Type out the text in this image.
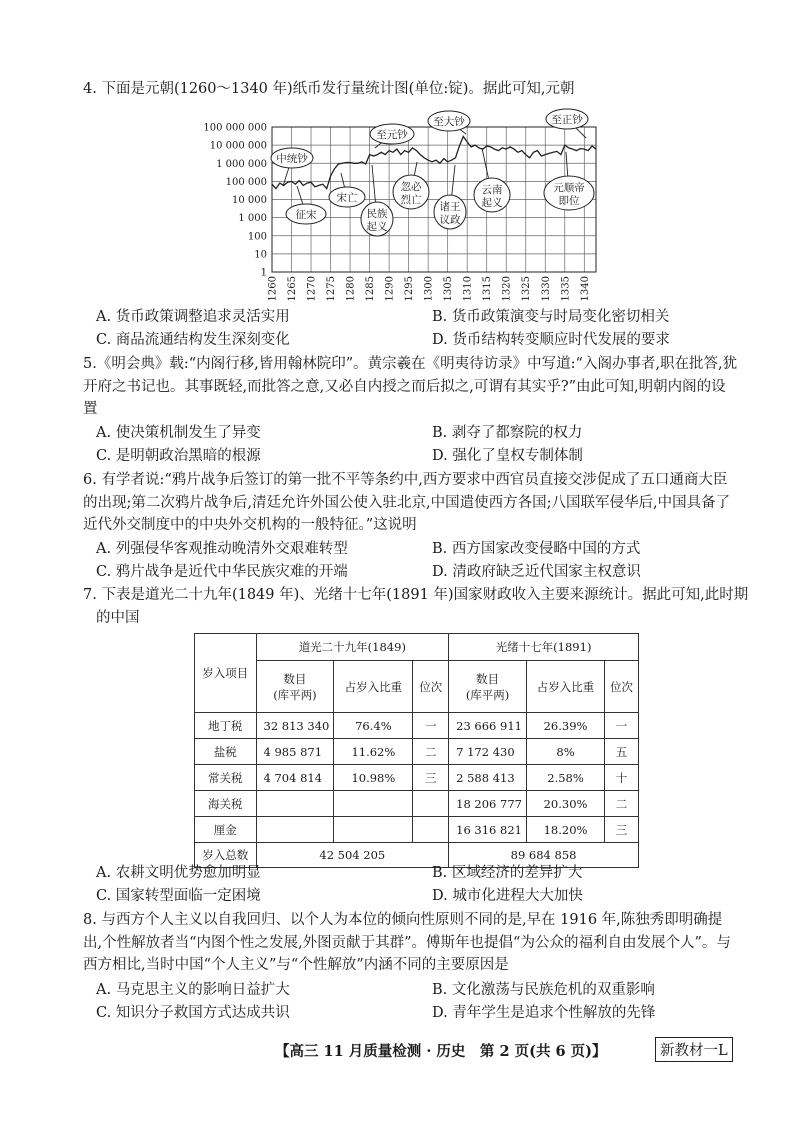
4. 下面是元朝(1260～1340 年)纸币发行量统计图(单位:锭)。据此可知,元朝
100 000 000
10 000 000
1 000 000
100 000
10 000
1 000
100
10
1
1260 1265 1270 1275 1280 1285 1290 1295 1300 1305 1310 1315 1320 1325 1330 1335 1340
中统钞
征宋
宋亡
至元钞
民族
起义
忽必
烈亡
至大钞
诸王
议政
云南
起义
至正钞
元顺帝
即位
A. 货币政策调整追求灵活实用	B. 货币政策演变与时局变化密切相关
C. 商品流通结构发生深刻变化	D. 货币结构转变顺应时代发展的要求
5.《明会典》载:“内阁行移,皆用翰林院印”。黄宗羲在《明夷待访录》中写道:“入阁办事者,职在批答,犹开府之书记也。其事既轻,而批答之意,又必自内授之而后拟之,可谓有其实乎?”由此可知,明朝内阁的设置
A. 使决策机制发生了异变	B. 剥夺了都察院的权力
C. 是明朝政治黑暗的根源	D. 强化了皇权专制体制
6. 有学者说:“鸦片战争后签订的第一批不平等条约中,西方要求中西官员直接交涉促成了五口通商大臣的出现;第二次鸦片战争后,清廷允许外国公使入驻北京,中国遣使西方各国;八国联军侵华后,中国具备了近代外交制度中的中央外交机构的一般特征。”这说明
A. 列强侵华客观推动晚清外交艰难转型	B. 西方国家改变侵略中国的方式
C. 鸦片战争是近代中华民族灾难的开端	D. 清政府缺乏近代国家主权意识
7. 下表是道光二十九年(1849 年)、光绪十七年(1891 年)国家财政收入主要来源统计。据此可知,此时期
的中国
岁入项目	道光二十九年(1849)			光绪十七年(1891)		
	数目
(库平两)	占岁入比重	位次	数目
(库平两)	占岁入比重	位次
地丁税	32 813 340	76.4%	一	23 666 911	26.39%	一
盐税	4 985 871	11.62%	二	7 172 430	8%	五
常关税	4 704 814	10.98%	三	2 588 413	2.58%	十
海关税				18 206 777	20.30%	二
厘金				16 316 821	18.20%	三
岁入总数	42 504 205			89 684 858		
A. 农耕文明优势愈加明显	B. 区域经济的差异扩大
C. 国家转型面临一定困境	D. 城市化进程大大加快
8. 与西方个人主义以自我回归、以个人为本位的倾向性原则不同的是,早在 1916 年,陈独秀即明确提出,个性解放者当“内图个性之发展,外图贡献于其群”。傅斯年也提倡“为公众的福利自由发展个人”。与西方相比,当时中国“个人主义”与“个性解放”内涵不同的主要原因是
A. 马克思主义的影响日益扩大	B. 文化激荡与民族危机的双重影响
C. 知识分子救国方式达成共识	D. 青年学生是追求个性解放的先锋
【高三 11 月质量检测 · 历史　第 2 页(共 6 页)】	新教材一L
